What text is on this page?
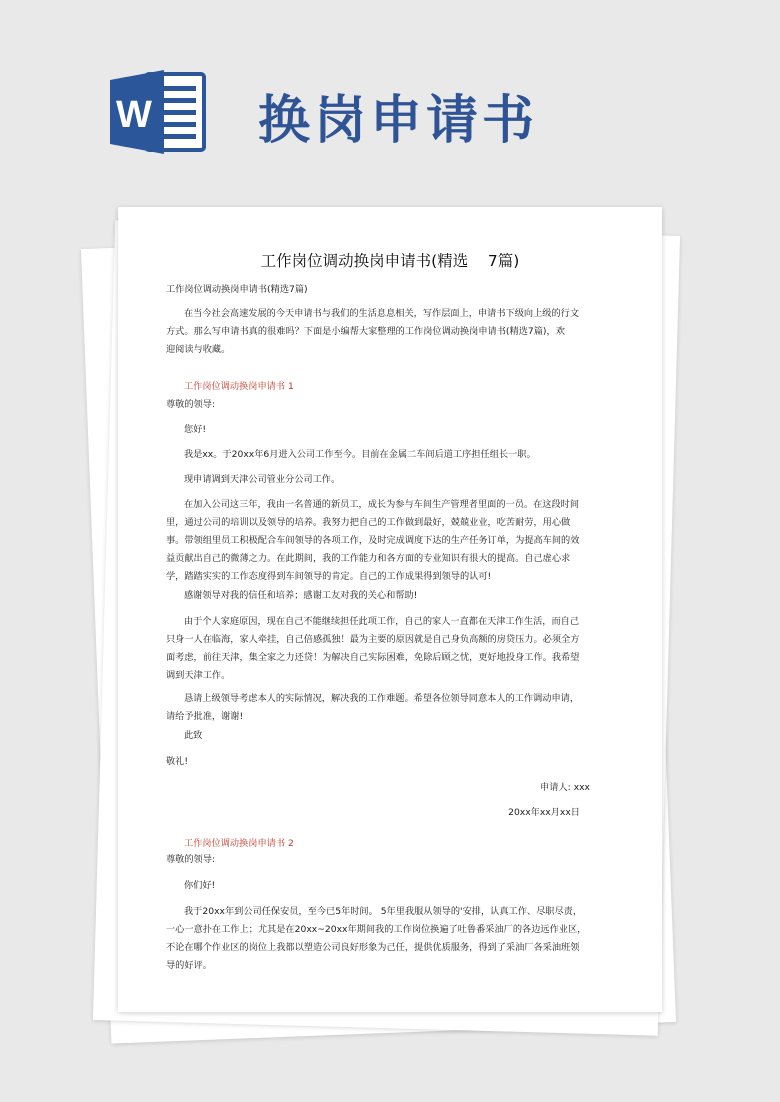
W 换岗申请书
工作岗位调动换岗申请书(精选    7篇)
工作岗位调动换岗申请书(精选7篇)
在当今社会高速发展的今天申请书与我们的生活息息相关，写作层面上，申请书下级向上级的行文
方式。那么写申请书真的很难吗？下面是小编帮大家整理的工作岗位调动换岗申请书(精选7篇)，欢
迎阅读与收藏。
工作岗位调动换岗申请书 1
尊敬的领导:
您好!
我是xx。于20xx年6月进入公司工作至今。目前在金属二车间后道工序担任组长一职。
现申请调到天津公司管业分公司工作。
在加入公司这三年，我由一名普通的新员工，成长为参与车间生产管理者里面的一员。在这段时间
里，通过公司的培训以及领导的培养。我努力把自己的工作做到最好，兢兢业业，吃苦耐劳，用心做
事。带领组里员工积极配合车间领导的各项工作，及时完成调度下达的生产任务订单，为提高车间的效
益贡献出自己的微薄之力。在此期间，我的工作能力和各方面的专业知识有很大的提高。自己虚心求
学，踏踏实实的工作态度得到车间领导的肯定。自己的工作成果得到领导的认可!
感谢领导对我的信任和培养；感谢工友对我的关心和帮助!
由于个人家庭原因，现在自己不能继续担任此项工作，自己的家人一直都在天津工作生活，而自己
只身一人在临海，家人牵挂，自己倍感孤独！最为主要的原因就是自己身负高额的房贷压力。必须全方
面考虑，前往天津，集全家之力还贷！为解决自己实际困难，免除后顾之忧，更好地投身工作。我希望
调到天津工作。
恳请上级领导考虑本人的实际情况，解决我的工作难题。希望各位领导同意本人的工作调动申请，
请给予批准，谢谢!
此致
敬礼!
申请人: xxx
20xx年xx月xx日
工作岗位调动换岗申请书 2
尊敬的领导:
你们好!
我于20xx年到公司任保安员，至今已5年时间。 5年里我服从领导的'安排，认真工作、尽职尽责，
一心一意扑在工作上；尤其是在20xx~20xx年期间我的工作岗位换遍了吐鲁番采油厂的各边远作业区，
不论在哪个作业区的岗位上我都以塑造公司良好形象为己任，提供优质服务，得到了采油厂各采油班领
导的好评。
